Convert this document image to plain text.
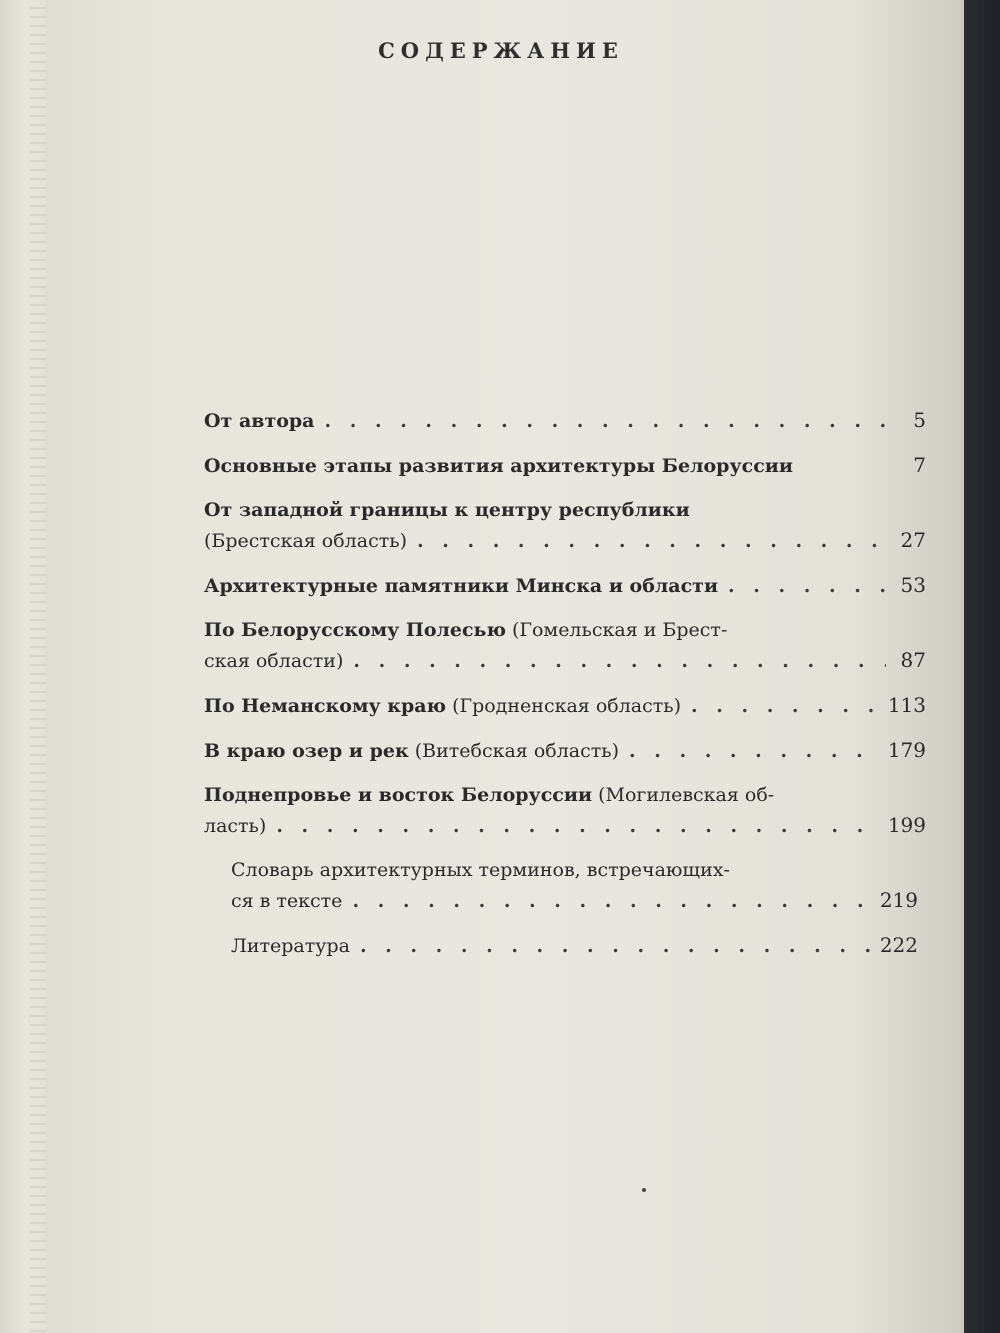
СОДЕРЖАНИЕ
От автора . . .	5
Основные этапы развития архитектуры Белоруссии	7
От западной границы к центру республики
(Брестская область) . . .	27
Архитектурные памятники Минска и области . . .	53
По Белорусскому Полесью (Гомельская и Брест-
ская области) . . .	87
По Неманскому краю (Гродненская область) . . .	113
В краю озер и рек (Витебская область) . . .	179
Поднепровье и восток Белоруссии (Могилевская об-
ласть) . . .	199
Словарь архитектурных терминов, встречающих-
ся в тексте . . .	219
Литература . . .	222
